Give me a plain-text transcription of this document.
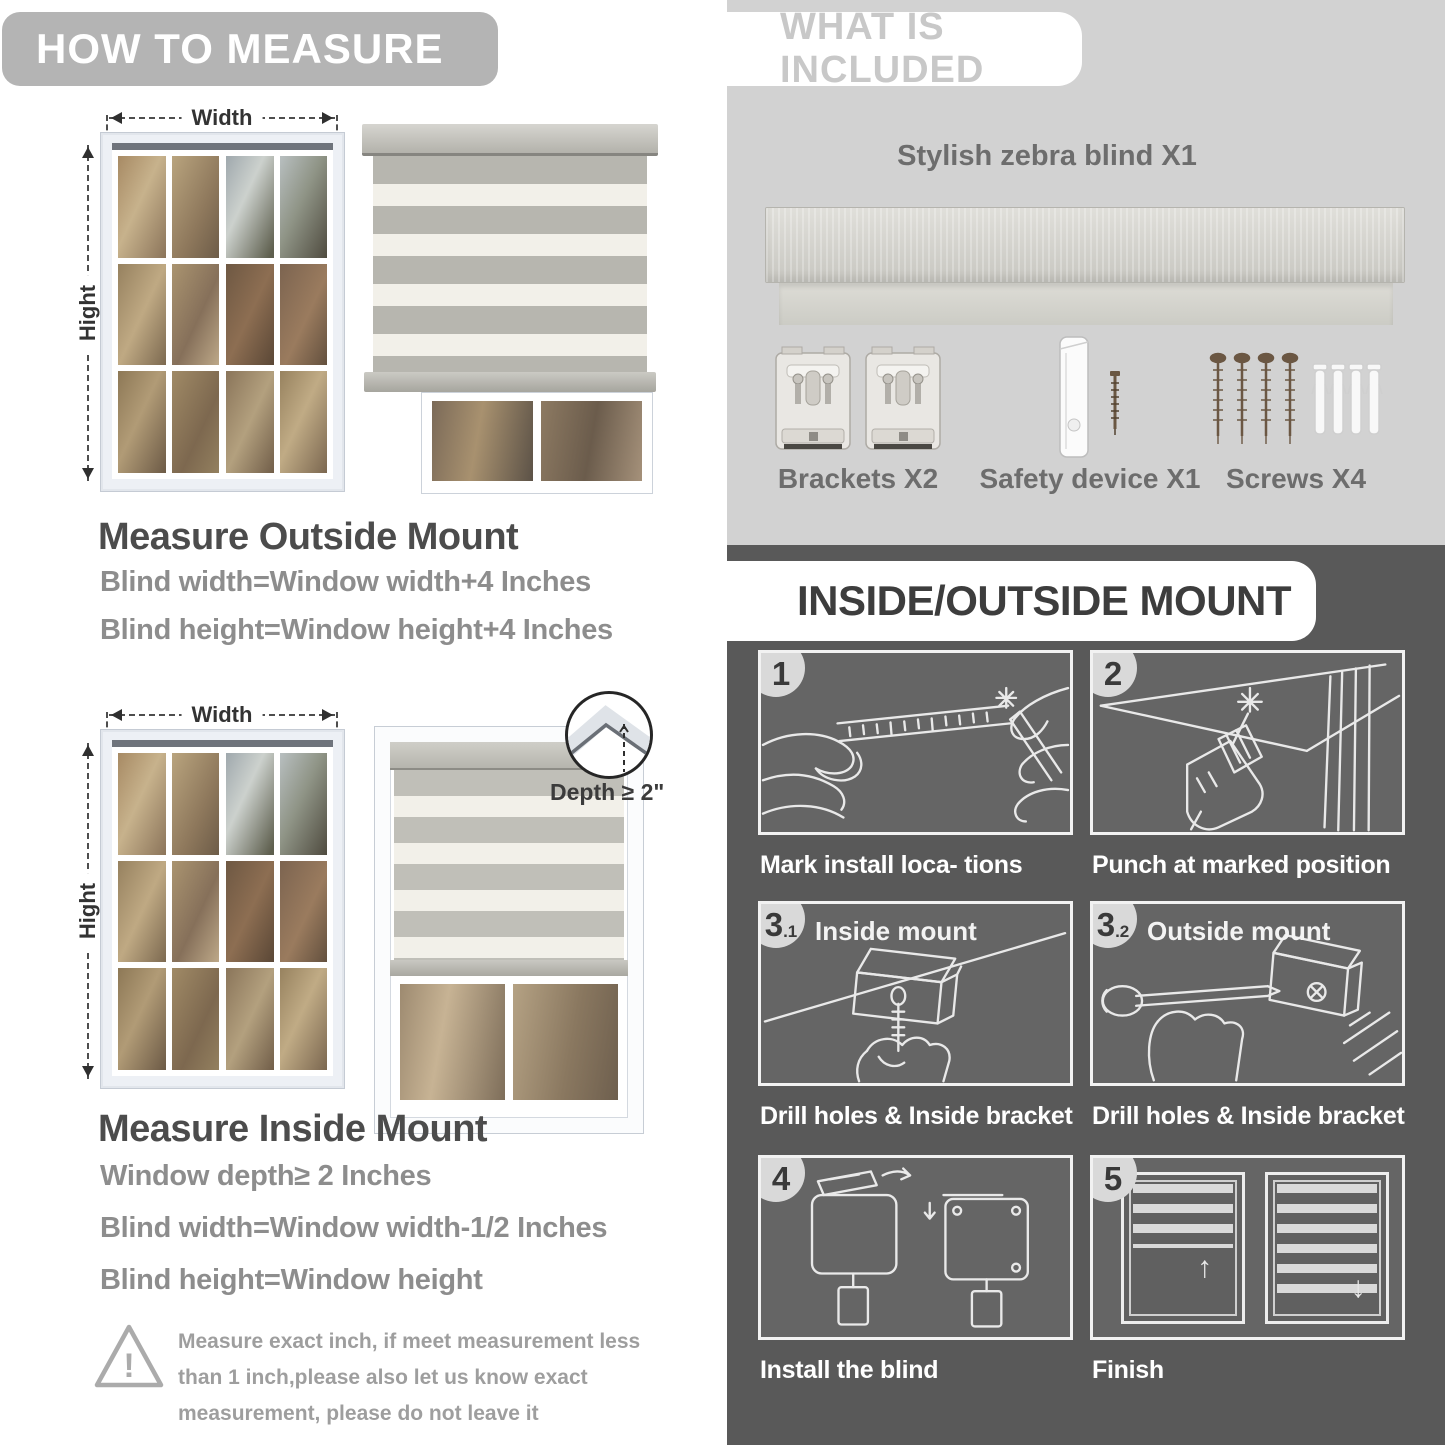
HOW TO MEASURE
Width
Hight
Measure Outside Mount
Blind width=Window width+4 Inches
Blind height=Window height+4 Inches
Width
Hight
Depth ≥ 2"
Measure Inside Mount
Window depth≥ 2 Inches
Blind width=Window width-1/2 Inches
Blind height=Window height
!
Measure exact inch, if meet measurement less than 1 inch,please also let us know exact measurement, please do not leave it
WHAT IS INCLUDED
Stylish zebra blind X1
Brackets X2 Safety device X1 Screws X4
INSIDE/OUTSIDE MOUNT
1
Mark install loca- tions
2
Punch at marked position
3 .1 Inside mount
Drill holes & Inside bracket
3 .2 Outside mount
Drill holes & Inside bracket
4
Install the blind
↑
↓
5
Finish
